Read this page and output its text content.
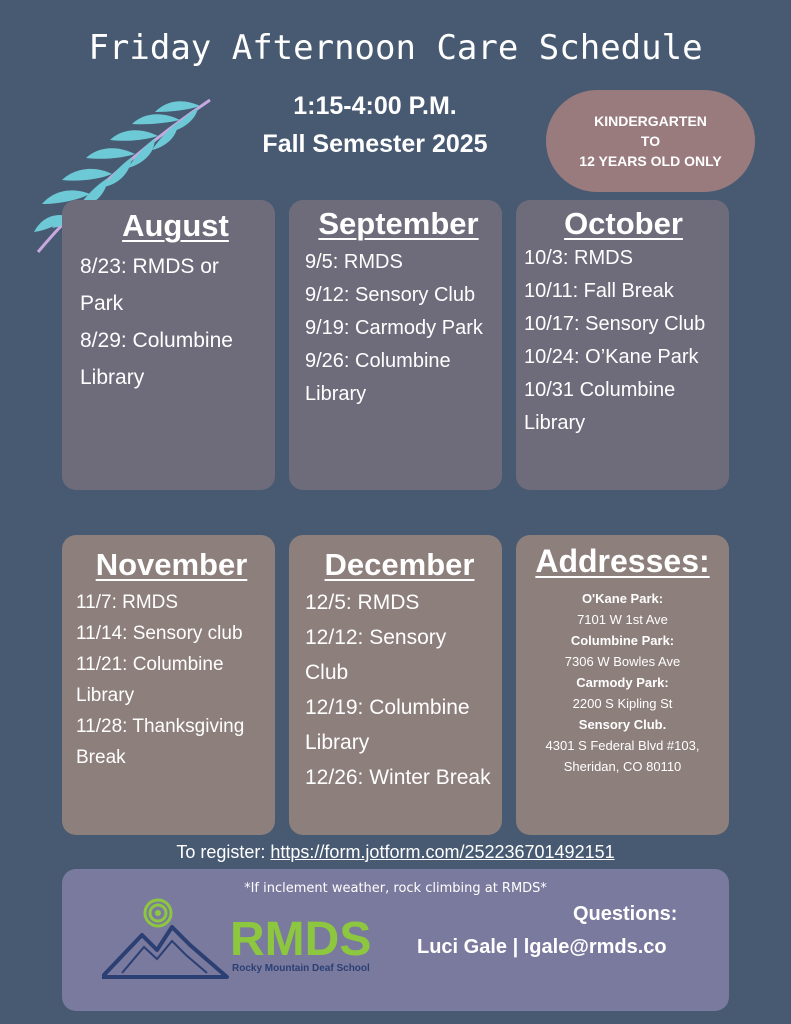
Friday Afternoon Care Schedule
1:15-4:00 P.M.
Fall Semester 2025
KINDERGARTEN
TO
12 YEARS OLD ONLY
August
8/23: RMDS or Park
8/29: Columbine Library
September
9/5: RMDS
9/12: Sensory Club
9/19: Carmody Park
9/26: Columbine Library
October
10/3: RMDS
10/11: Fall Break
10/17: Sensory Club
10/24: O’Kane Park
10/31 Columbine Library
November
11/7: RMDS
11/14: Sensory club
11/21: Columbine Library
11/28: Thanksgiving Break
December
12/5: RMDS
12/12: Sensory Club
12/19: Columbine Library
12/26: Winter Break
Addresses:
O'Kane Park:
7101 W 1st Ave
Columbine Park:
7306 W Bowles Ave
Carmody Park:
2200 S Kipling St
Sensory Club.
4301 S Federal Blvd #103,
Sheridan, CO 80110
To register: https://form.jotform.com/252236701492151
*If inclement weather, rock climbing at RMDS*
RMDS
Rocky Mountain Deaf School
Questions:
Luci Gale | lgale@rmds.co
